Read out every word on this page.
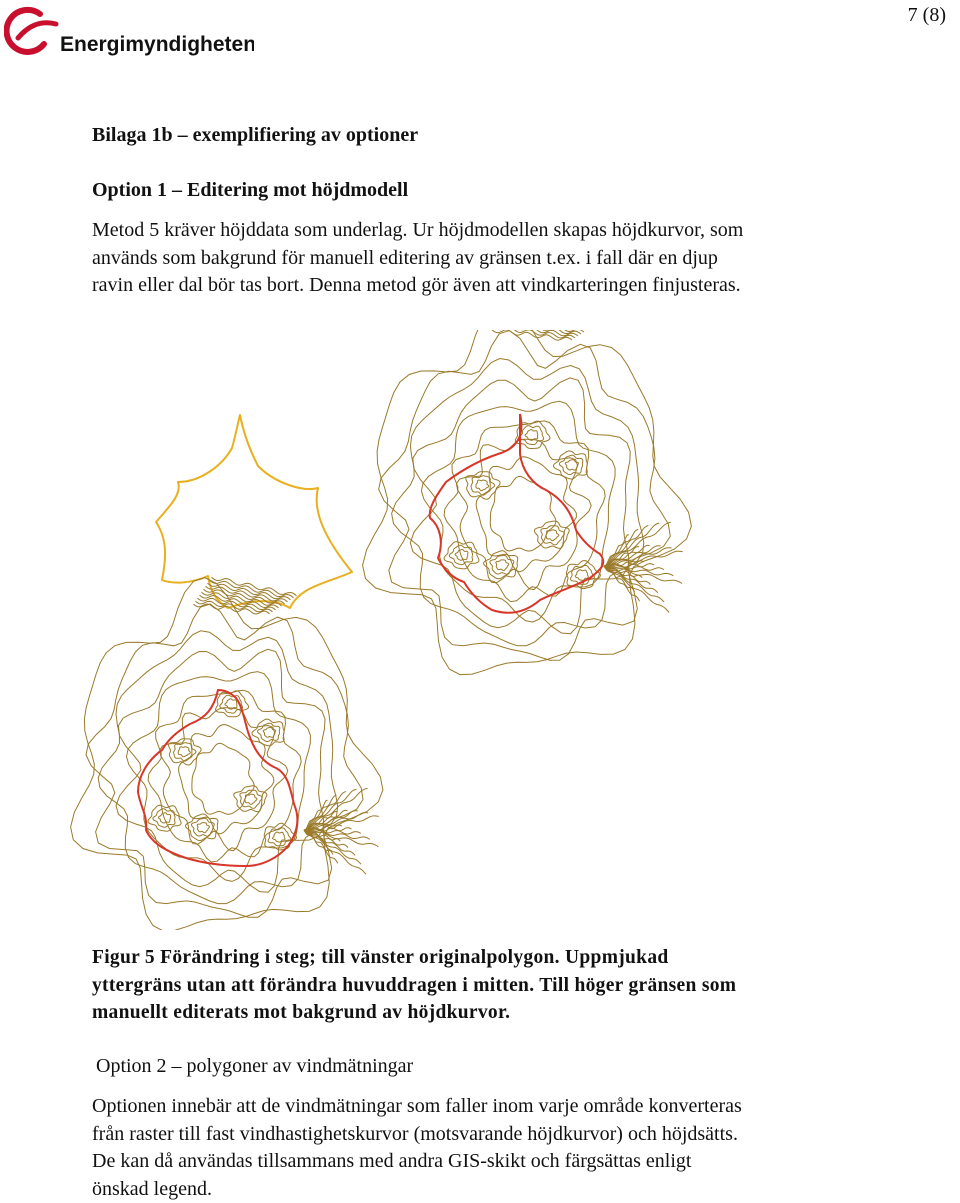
Energimyndigheten
7 (8)
Bilaga 1b – exemplifiering av optioner
Option 1 – Editering mot höjdmodell
Metod 5 kräver höjddata som underlag. Ur höjdmodellen skapas höjdkurvor, som
används som bakgrund för manuell editering av gränsen t.ex. i fall där en djup
ravin eller dal bör tas bort. Denna metod gör även att vindkarteringen finjusteras.
Figur 5 Förändring i steg; till vänster originalpolygon. Uppmjukad
yttergräns utan att förändra huvuddragen i mitten. Till höger gränsen som
manuellt editerats mot bakgrund av höjdkurvor.
Option 2 – polygoner av vindmätningar
Optionen innebär att de vindmätningar som faller inom varje område konverteras
från raster till fast vindhastighetskurvor (motsvarande höjdkurvor) och höjdsätts.
De kan då användas tillsammans med andra GIS-skikt och färgsättas enligt
önskad legend.
